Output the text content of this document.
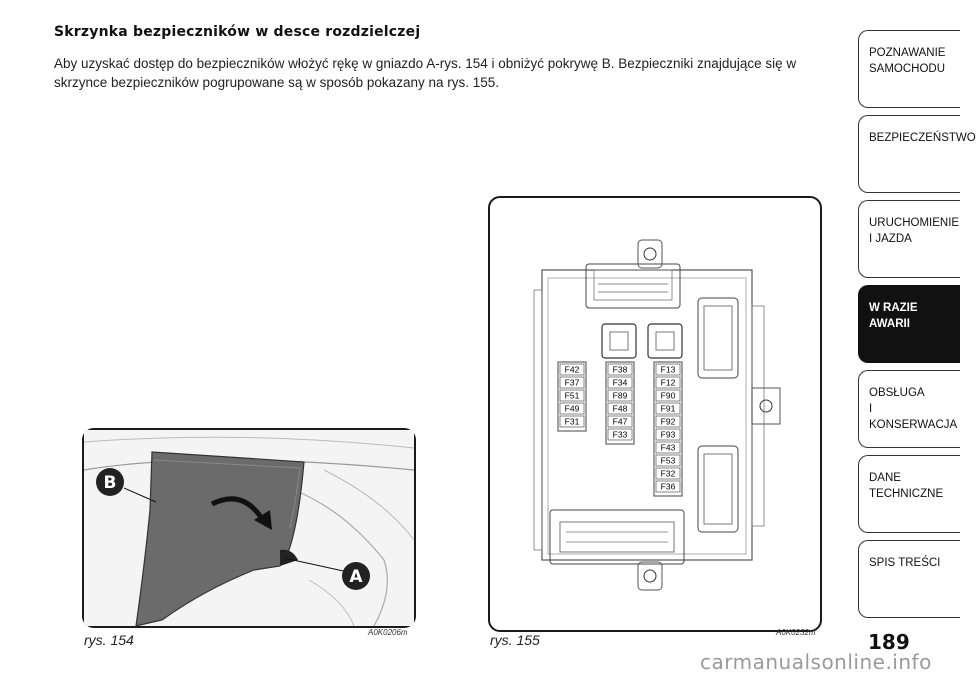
Skrzynka bezpieczników w desce rozdzielczej
Aby uzyskać dostęp do bezpieczników włożyć rękę w gniazdo A-rys. 154 i obniżyć pokrywę B. Bezpieczniki znajdujące się w skrzynce bezpieczników pogrupowane są w sposób pokazany na rys. 155.
B
A
rys. 154	A0K0206m
F42
F37
F51
F49
F31
F38
F34
F89
F48
F47
F33
F13
F12
F90
F91
F92
F93
F43
F53
F32
F36
rys. 155	A0K0232m
POZNAWANIE
SAMOCHODU
BEZPIECZEŃSTWO
URUCHOMIENIE
I JAZDA
W RAZIE AWARII
OBSŁUGA
I KONSERWACJA
DANE
TECHNICZNE
SPIS TREŚCI
189
carmanualsonline.info
